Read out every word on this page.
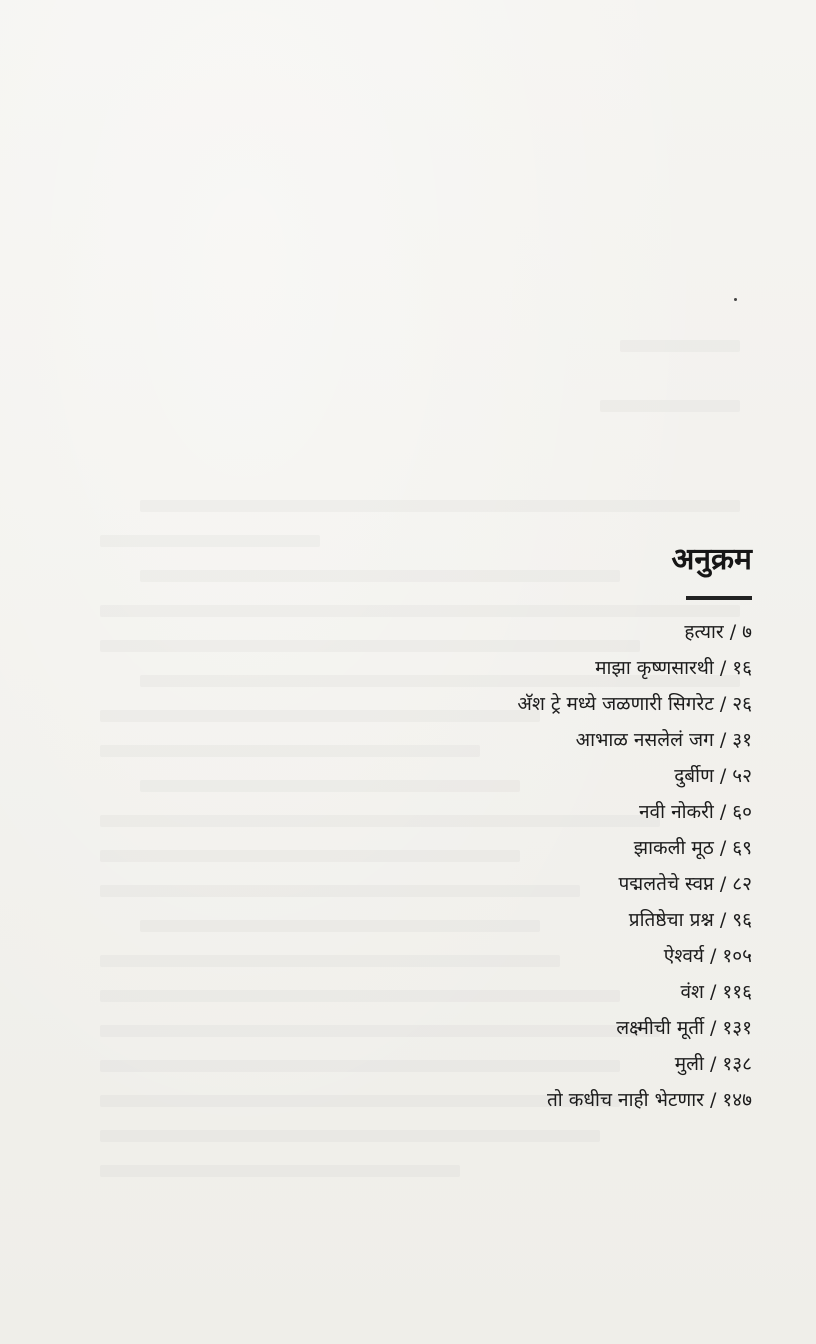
अनुक्रम
हत्यार / ७
माझा कृष्णसारथी / १६
अ‍ॅश ट्रे मध्ये जळणारी सिगरेट / २६
आभाळ नसलेलं जग / ३१
दुर्बीण / ५२
नवी नोकरी / ६०
झाकली मूठ / ६९
पद्मलतेचे स्वप्न / ८२
प्रतिष्ठेचा प्रश्न / ९६
ऐश्वर्य / १०५
वंश / ११६
लक्ष्मीची मूर्ती / १३१
मुली / १३८
तो कधीच नाही भेटणार / १४७
